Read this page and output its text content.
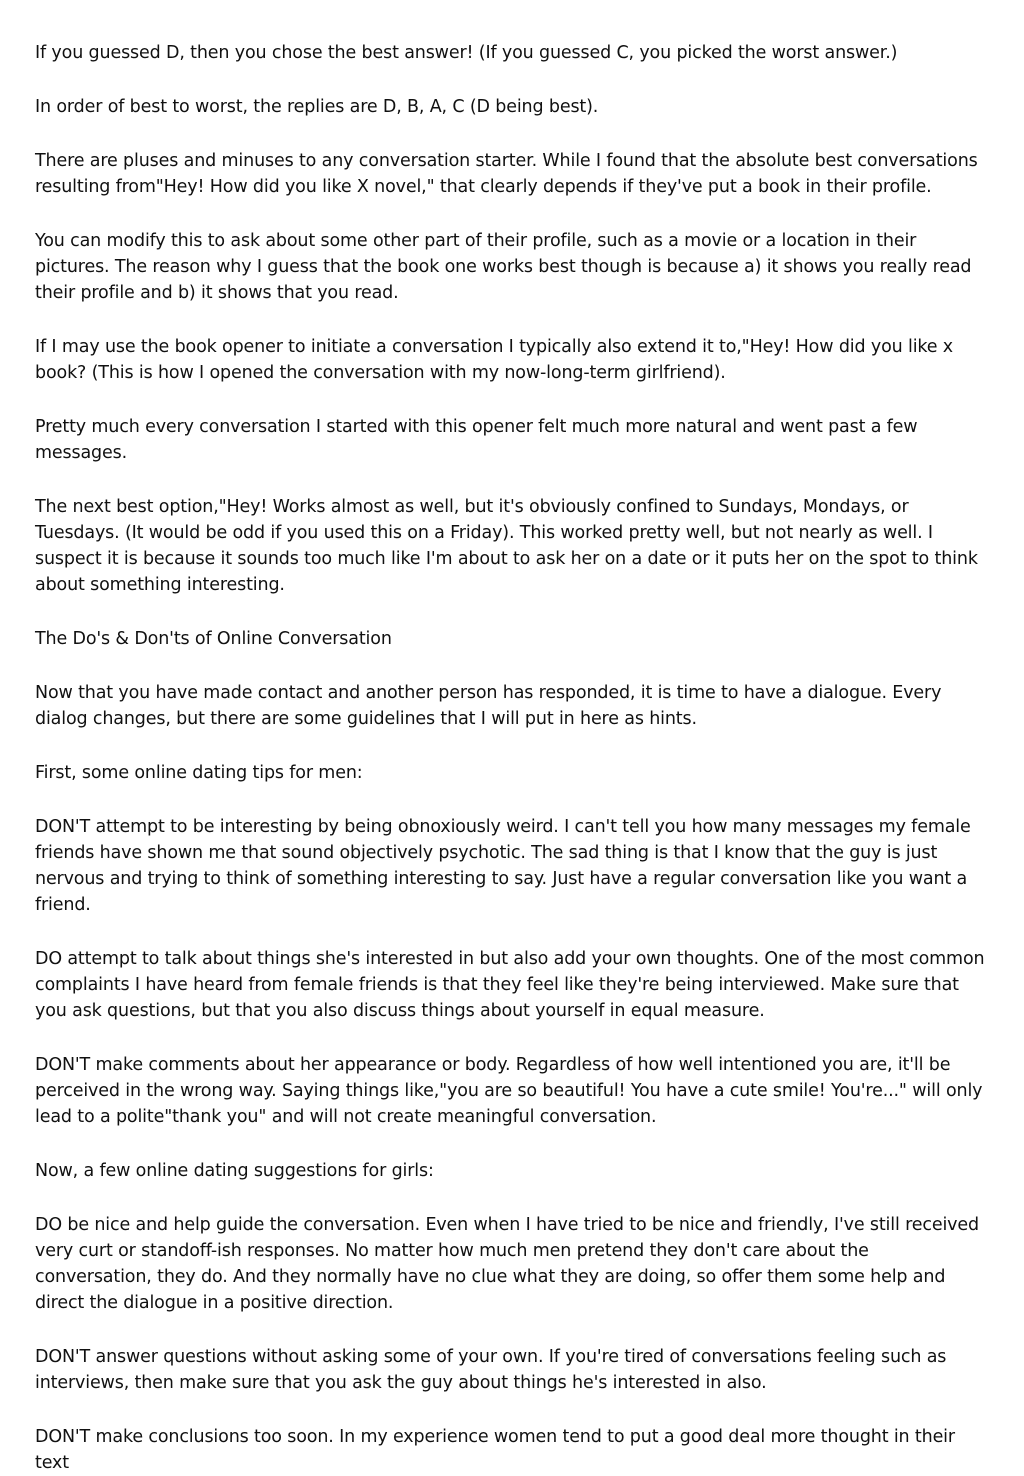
If you guessed D, then you chose the best answer! (If you guessed C, you picked the worst answer.)

In order of best to worst, the replies are D, B, A, C (D being best).

There are pluses and minuses to any conversation starter. While I found that the absolute best conversations resulting from"Hey! How did you like X novel," that clearly depends if they've put a book in their profile.

You can modify this to ask about some other part of their profile, such as a movie or a location in their pictures. The reason why I guess that the book one works best though is because a) it shows you really read their profile and b) it shows that you read.

If I may use the book opener to initiate a conversation I typically also extend it to,"Hey! How did you like x book? (This is how I opened the conversation with my now-long-term girlfriend).

Pretty much every conversation I started with this opener felt much more natural and went past a few messages.

The next best option,"Hey! Works almost as well, but it's obviously confined to Sundays, Mondays, or Tuesdays. (It would be odd if you used this on a Friday). This worked pretty well, but not nearly as well. I suspect it is because it sounds too much like I'm about to ask her on a date or it puts her on the spot to think about something interesting.

The Do's & Don'ts of Online Conversation

Now that you have made contact and another person has responded, it is time to have a dialogue. Every dialog changes, but there are some guidelines that I will put in here as hints.

First, some online dating tips for men:

DON'T attempt to be interesting by being obnoxiously weird. I can't tell you how many messages my female friends have shown me that sound objectively psychotic. The sad thing is that I know that the guy is just nervous and trying to think of something interesting to say. Just have a regular conversation like you want a friend.

DO attempt to talk about things she's interested in but also add your own thoughts. One of the most common complaints I have heard from female friends is that they feel like they're being interviewed. Make sure that you ask questions, but that you also discuss things about yourself in equal measure.

DON'T make comments about her appearance or body. Regardless of how well intentioned you are, it'll be perceived in the wrong way. Saying things like,"you are so beautiful! You have a cute smile! You're..." will only lead to a polite"thank you" and will not create meaningful conversation.

Now, a few online dating suggestions for girls:

DO be nice and help guide the conversation. Even when I have tried to be nice and friendly, I've still received very curt or standoff-ish responses. No matter how much men pretend they don't care about the conversation, they do. And they normally have no clue what they are doing, so offer them some help and direct the dialogue in a positive direction.

DON'T answer questions without asking some of your own. If you're tired of conversations feeling such as interviews, then make sure that you ask the guy about things he's interested in also.

DON'T make conclusions too soon. In my experience women tend to put a good deal more thought in their text
